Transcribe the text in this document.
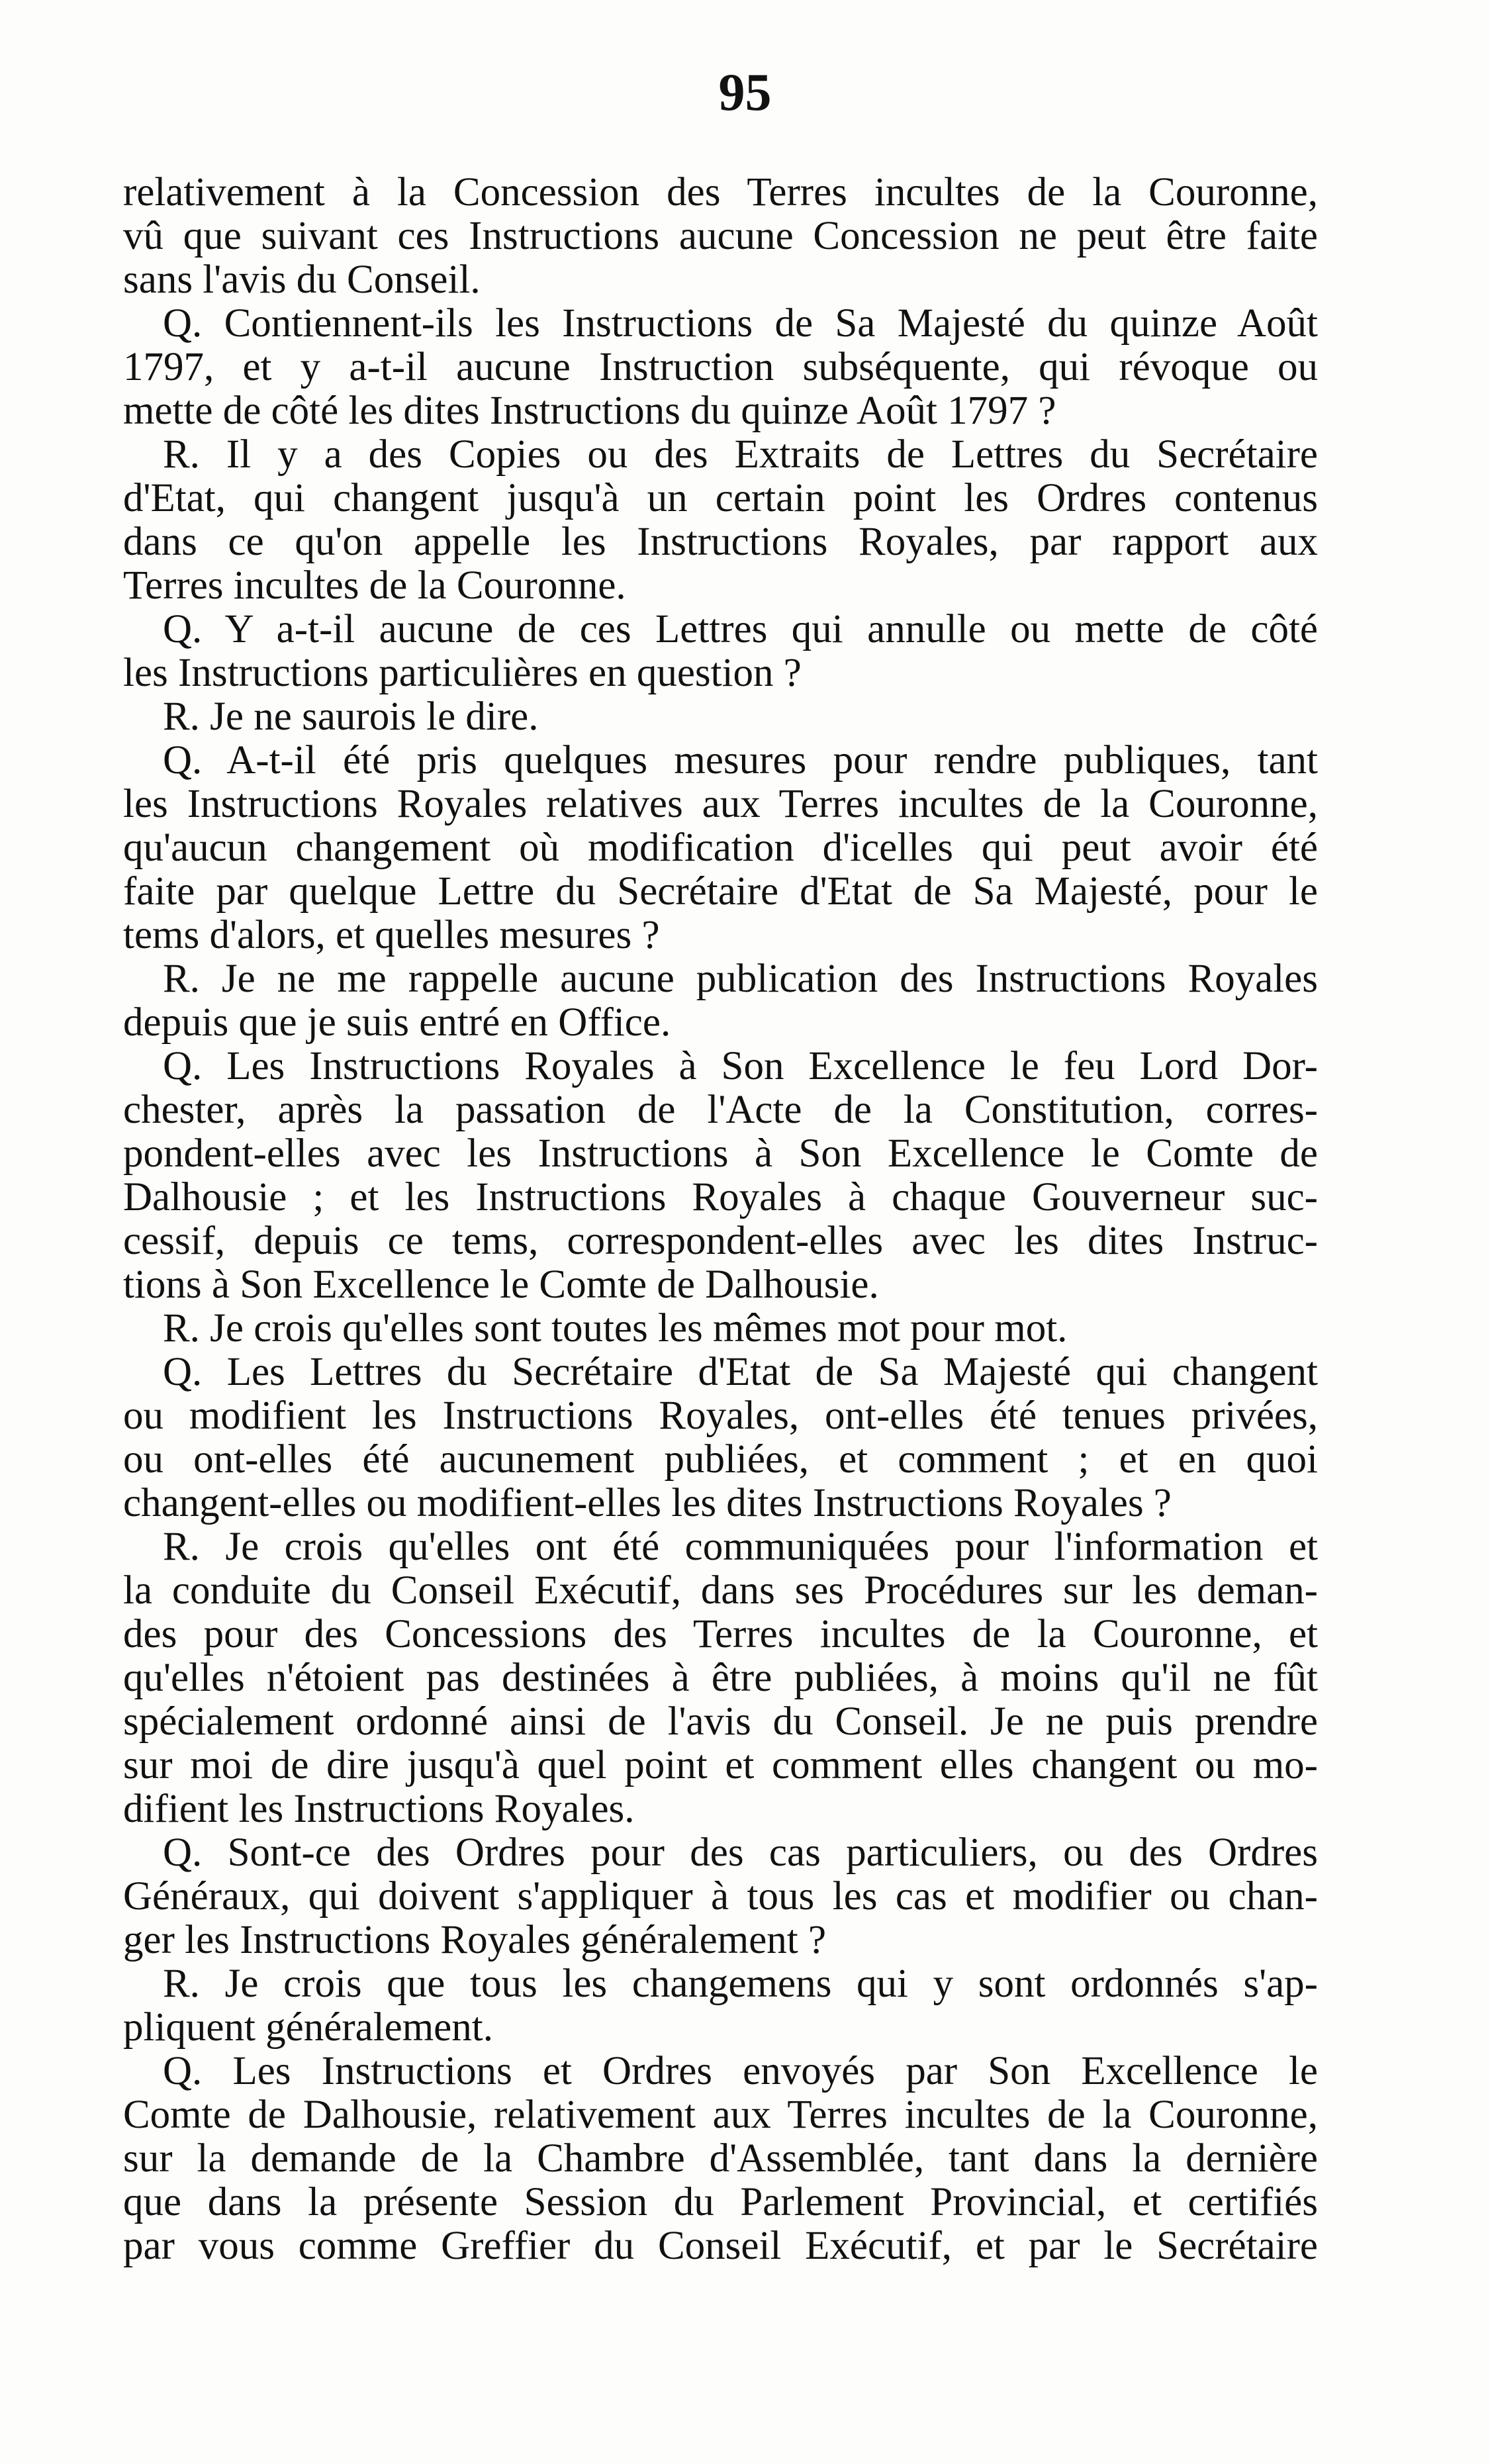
95
relativement à la Concession des Terres incultes de la Couronne,
vû que suivant ces Instructions aucune Concession ne peut être faite
sans l'avis du Conseil.
Q. Contiennent-ils les Instructions de Sa Majesté du quinze Août
1797, et y a-t-il aucune Instruction subséquente, qui révoque ou
mette de côté les dites Instructions du quinze Août 1797 ?
R. Il y a des Copies ou des Extraits de Lettres du Secrétaire
d'Etat, qui changent jusqu'à un certain point les Ordres contenus
dans ce qu'on appelle les Instructions Royales, par rapport aux
Terres incultes de la Couronne.
Q. Y a-t-il aucune de ces Lettres qui annulle ou mette de côté
les Instructions particulières en question ?
R. Je ne saurois le dire.
Q. A-t-il été pris quelques mesures pour rendre publiques, tant
les Instructions Royales relatives aux Terres incultes de la Couronne,
qu'aucun changement où modification d'icelles qui peut avoir été
faite par quelque Lettre du Secrétaire d'Etat de Sa Majesté, pour le
tems d'alors, et quelles mesures ?
R. Je ne me rappelle aucune publication des Instructions Royales
depuis que je suis entré en Office.
Q. Les Instructions Royales à Son Excellence le feu Lord Dor-
chester, après la passation de l'Acte de la Constitution, corres-
pondent-elles avec les Instructions à Son Excellence le Comte de
Dalhousie ; et les Instructions Royales à chaque Gouverneur suc-
cessif, depuis ce tems, correspondent-elles avec les dites Instruc-
tions à Son Excellence le Comte de Dalhousie.
R. Je crois qu'elles sont toutes les mêmes mot pour mot.
Q. Les Lettres du Secrétaire d'Etat de Sa Majesté qui changent
ou modifient les Instructions Royales, ont-elles été tenues privées,
ou ont-elles été aucunement publiées, et comment ; et en quoi
changent-elles ou modifient-elles les dites Instructions Royales ?
R. Je crois qu'elles ont été communiquées pour l'information et
la conduite du Conseil Exécutif, dans ses Procédures sur les deman-
des pour des Concessions des Terres incultes de la Couronne, et
qu'elles n'étoient pas destinées à être publiées, à moins qu'il ne fût
spécialement ordonné ainsi de l'avis du Conseil. Je ne puis prendre
sur moi de dire jusqu'à quel point et comment elles changent ou mo-
difient les Instructions Royales.
Q. Sont-ce des Ordres pour des cas particuliers, ou des Ordres
Généraux, qui doivent s'appliquer à tous les cas et modifier ou chan-
ger les Instructions Royales généralement ?
R. Je crois que tous les changemens qui y sont ordonnés s'ap-
pliquent généralement.
Q. Les Instructions et Ordres envoyés par Son Excellence le
Comte de Dalhousie, relativement aux Terres incultes de la Couronne,
sur la demande de la Chambre d'Assemblée, tant dans la dernière
que dans la présente Session du Parlement Provincial, et certifiés
par vous comme Greffier du Conseil Exécutif, et par le Secrétaire
